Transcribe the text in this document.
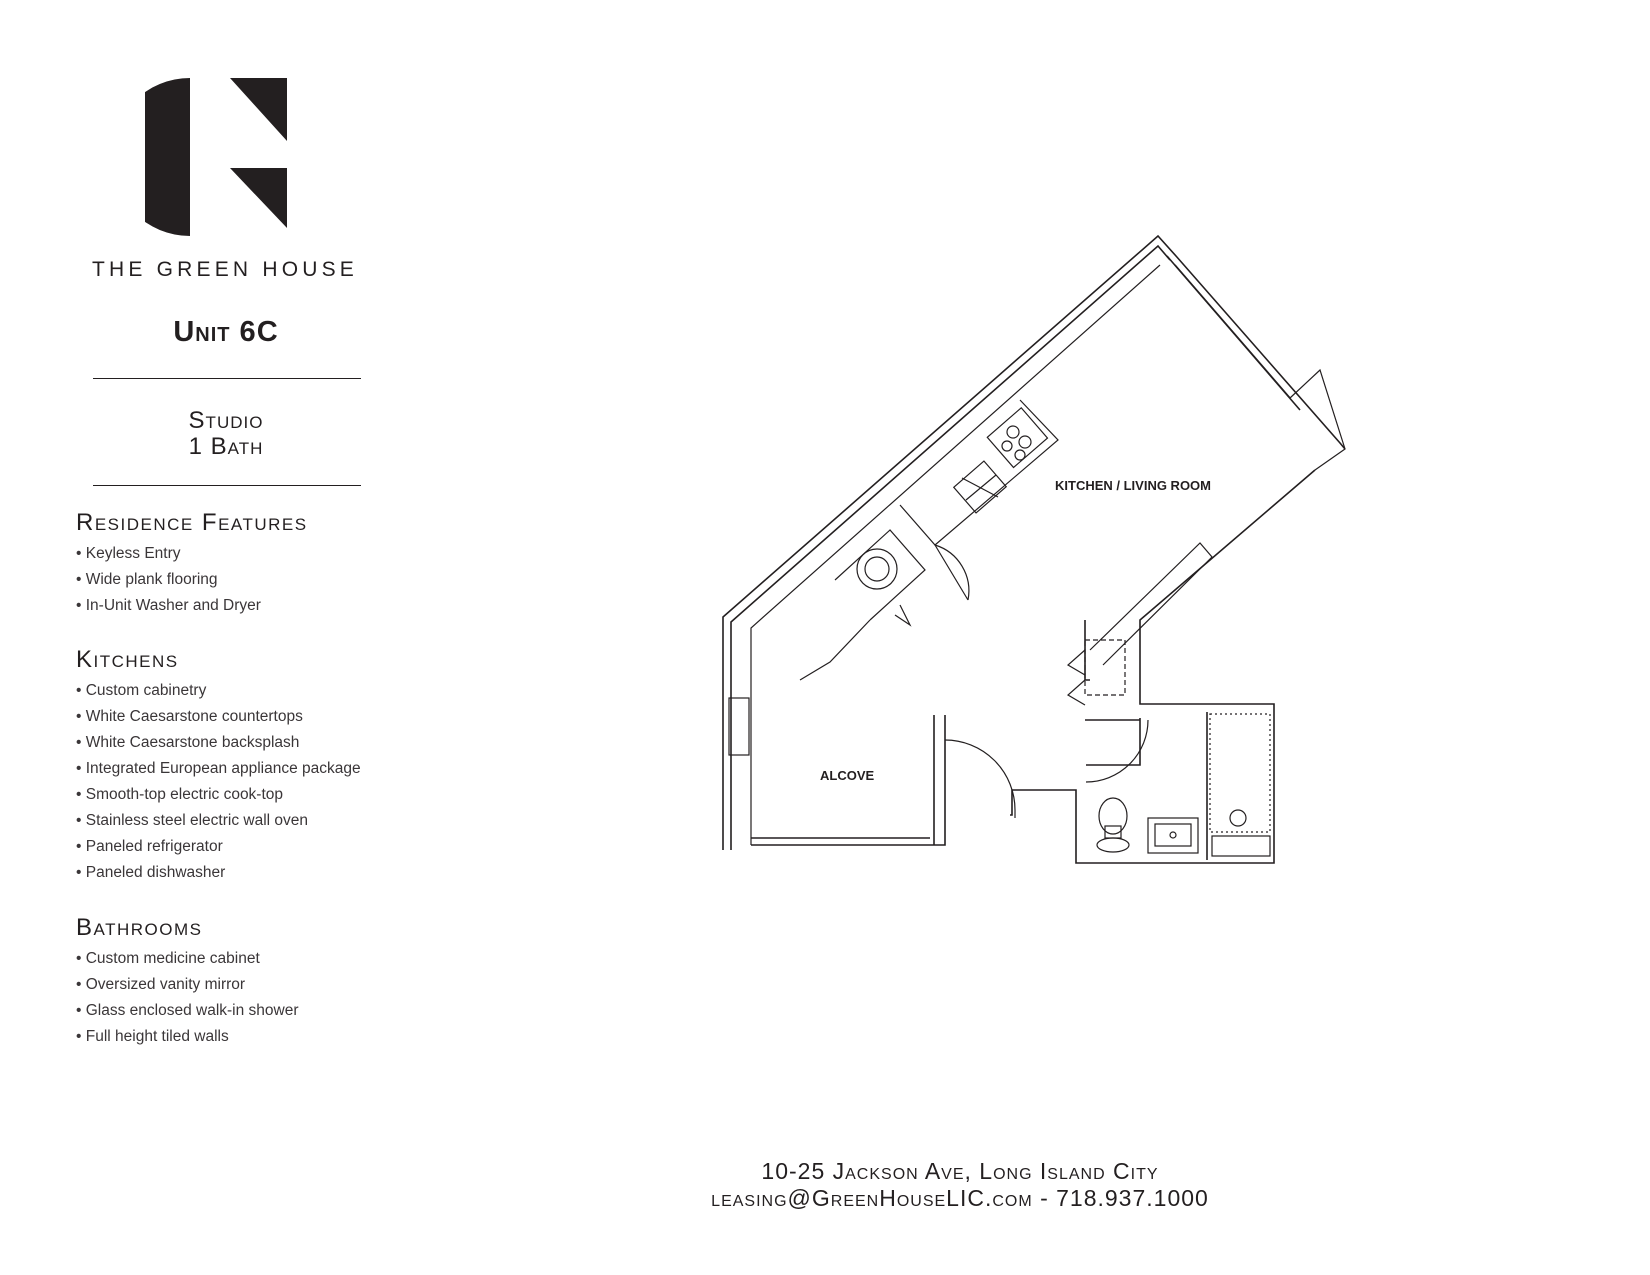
THE GREEN HOUSE
Unit 6C
Studio
1 Bath
Residence Features
• Keyless Entry
• Wide plank flooring
• In-Unit Washer and Dryer
Kitchens
• Custom cabinetry
• White Caesarstone countertops
• White Caesarstone backsplash
• Integrated European appliance package
• Smooth-top electric cook-top
• Stainless steel electric wall oven
• Paneled refrigerator
• Paneled dishwasher
Bathrooms
• Custom medicine cabinet
• Oversized vanity mirror
• Glass enclosed walk-in shower
• Full height tiled walls
KITCHEN / LIVING ROOM
ALCOVE
10-25 Jackson Ave, Long Island City
leasing@GreenHouseLIC.com - 718.937.1000
